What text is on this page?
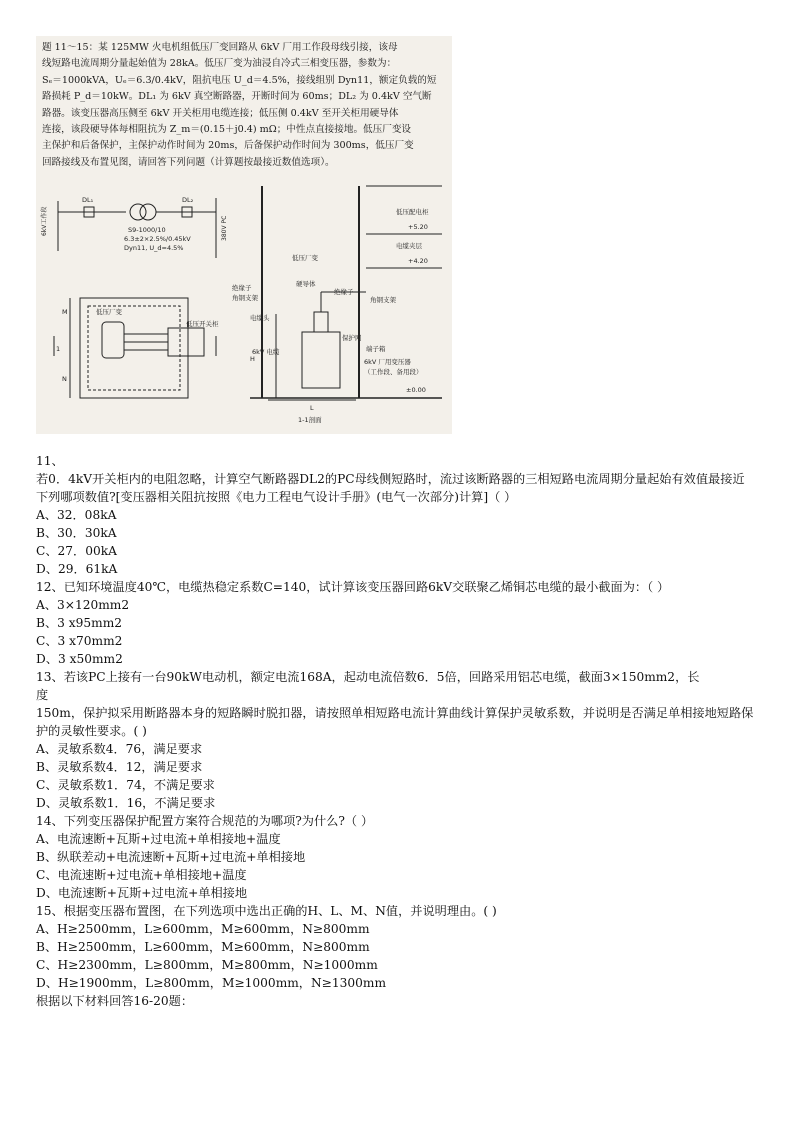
题 11～15：某 125MW 火电机组低压厂变回路从 6kV 厂用工作段母线引接，该母

线短路电流周期分量起始值为 28kA。低压厂变为油浸自冷式三相变压器，参数为：

Sₑ＝1000kVA，Uₑ＝6.3/0.4kV，阻抗电压 U_d＝4.5%，接线组别 Dyn11，额定负载的短

路损耗 P_d＝10kW。DL₁ 为 6kV 真空断路器，开断时间为 60ms；DL₂ 为 0.4kV 空气断

路器。该变压器高压侧至 6kV 开关柜用电缆连接；低压侧 0.4kV 至开关柜用硬导体

连接，该段硬导体每相阻抗为 Z_m＝(0.15＋j0.4) mΩ；中性点直接接地。低压厂变设

主保护和后备保护，主保护动作时间为 20ms，后备保护动作时间为 300ms，低压厂变

回路接线及布置见图，请回答下列问题（计算题按最接近数值选项）。

6kV工作段	380V PC
DL₁	DL₂
S9-1000/10
6.3±2×2.5%/0.45kV
Dyn11, U_d=4.5%
低压厂变
低压开关柜
M
N
1
低压厂变
低压配电柜
+5.20
电缆夹层
+4.20
硬导体
绝缘子	绝缘子
角钢支架	角钢支架
电缆头
6kV 电缆
保护网
端子箱
6kV 厂用变压器
（工作段、备用段）
±0.00
H
L
1-1剖面
11、
若0．4kV开关柜内的电阻忽略，计算空气断路器DL2的PC母线侧短路时，流过该断路器的三相短路电流周期分量起始有效值最接近下列哪项数值?[变压器相关阻抗按照《电力工程电气设计手册》(电气一次部分)计算]（ ）
A、32．08kA
B、30．30kA
C、27．00kA
D、29．61kA
12、已知环境温度40℃，电缆热稳定系数C=140，试计算该变压器回路6kV交联聚乙烯铜芯电缆的最小截面为：（ ）
A、3×120mm2
B、3 x95mm2
C、3 x70mm2
D、3 x50mm2
13、若该PC上接有一台90kW电动机，额定电流168A，起动电流倍数6．5倍，回路采用铝芯电缆，截面3×150mm2，长
度
150m，保护拟采用断路器本身的短路瞬时脱扣器，请按照单相短路电流计算曲线计算保护灵敏系数，并说明是否满足单相接地短路保护的灵敏性要求。( )
A、灵敏系数4．76，满足要求
B、灵敏系数4．12，满足要求
C、灵敏系数1．74，不满足要求
D、灵敏系数1．16，不满足要求
14、下列变压器保护配置方案符合规范的为哪项?为什么?（ ）
A、电流速断+瓦斯+过电流+单相接地+温度
B、纵联差动+电流速断+瓦斯+过电流+单相接地
C、电流速断+过电流+单相接地+温度
D、电流速断+瓦斯+过电流+单相接地
15、根据变压器布置图，在下列选项中选出正确的H、L、M、N值，并说明理由。( )
A、H≥2500mm，L≥600mm，M≥600mm，N≥800mm
B、H≥2500mm，L≥600mm，M≥600mm，N≥800mm
C、H≥2300mm，L≥800mm，M≥800mm，N≥1000mm
D、H≥1900mm，L≥800mm，M≥1000mm，N≥1300mm
根据以下材料回答16-20题：
